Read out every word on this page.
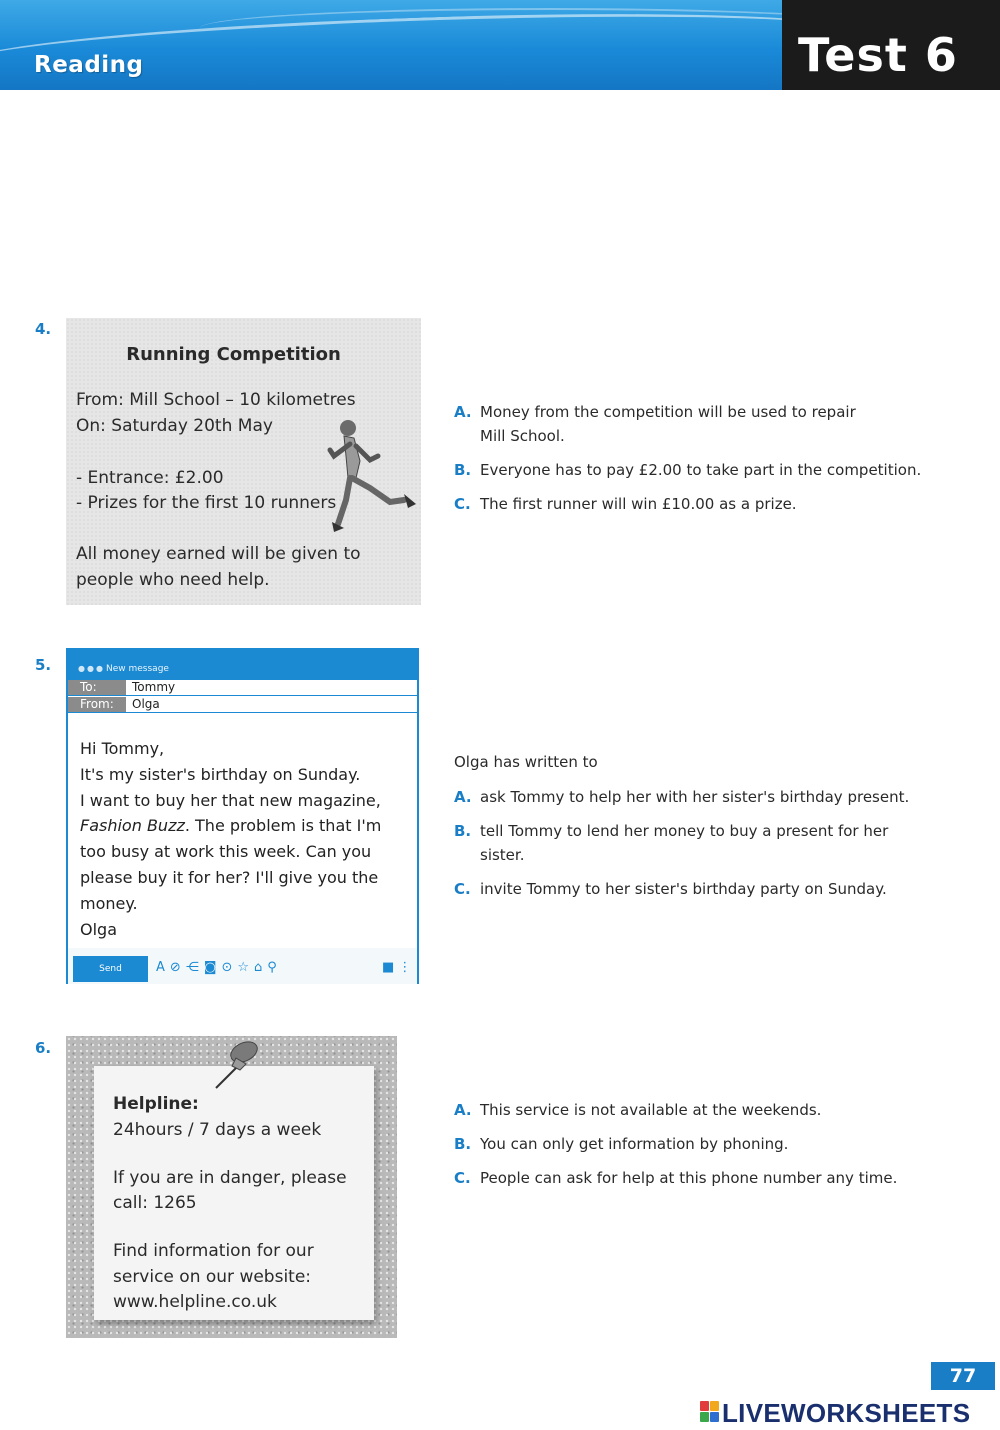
Reading	Test 6
4.
Running Competition
From: Mill School – 10 kilometres
On: Saturday 20th May
- Entrance: £2.00
- Prizes for the first 10 runners
All money earned will be given to
people who need help.
A. Money from the competition will be used to repair
Mill School.
B. Everyone has to pay £2.00 to take part in the competition.
C. The first runner will win £10.00 as a prize.
5.	●●● New message
To:	Tommy
From:	Olga
Hi Tommy,
It's my sister's birthday on Sunday.
I want to buy her that new magazine,
Fashion Buzz. The problem is that I'm
too busy at work this week. Can you
please buy it for her? I'll give you the
money.
Olga
Send	A⊘⋲◙⊙☆⌂⚲	■ ⋮
Olga has written to
A. ask Tommy to help her with her sister's birthday present.
B. tell Tommy to lend her money to buy a present for her
sister.
C. invite Tommy to her sister's birthday party on Sunday.
6.
Helpline:
24hours / 7 days a week
If you are in danger, please
call: 1265
Find information for our
service on our website:
www.helpline.co.uk
A. This service is not available at the weekends.
B. You can only get information by phoning.
C. People can ask for help at this phone number any time.
77
LIVEWORKSHEETS
